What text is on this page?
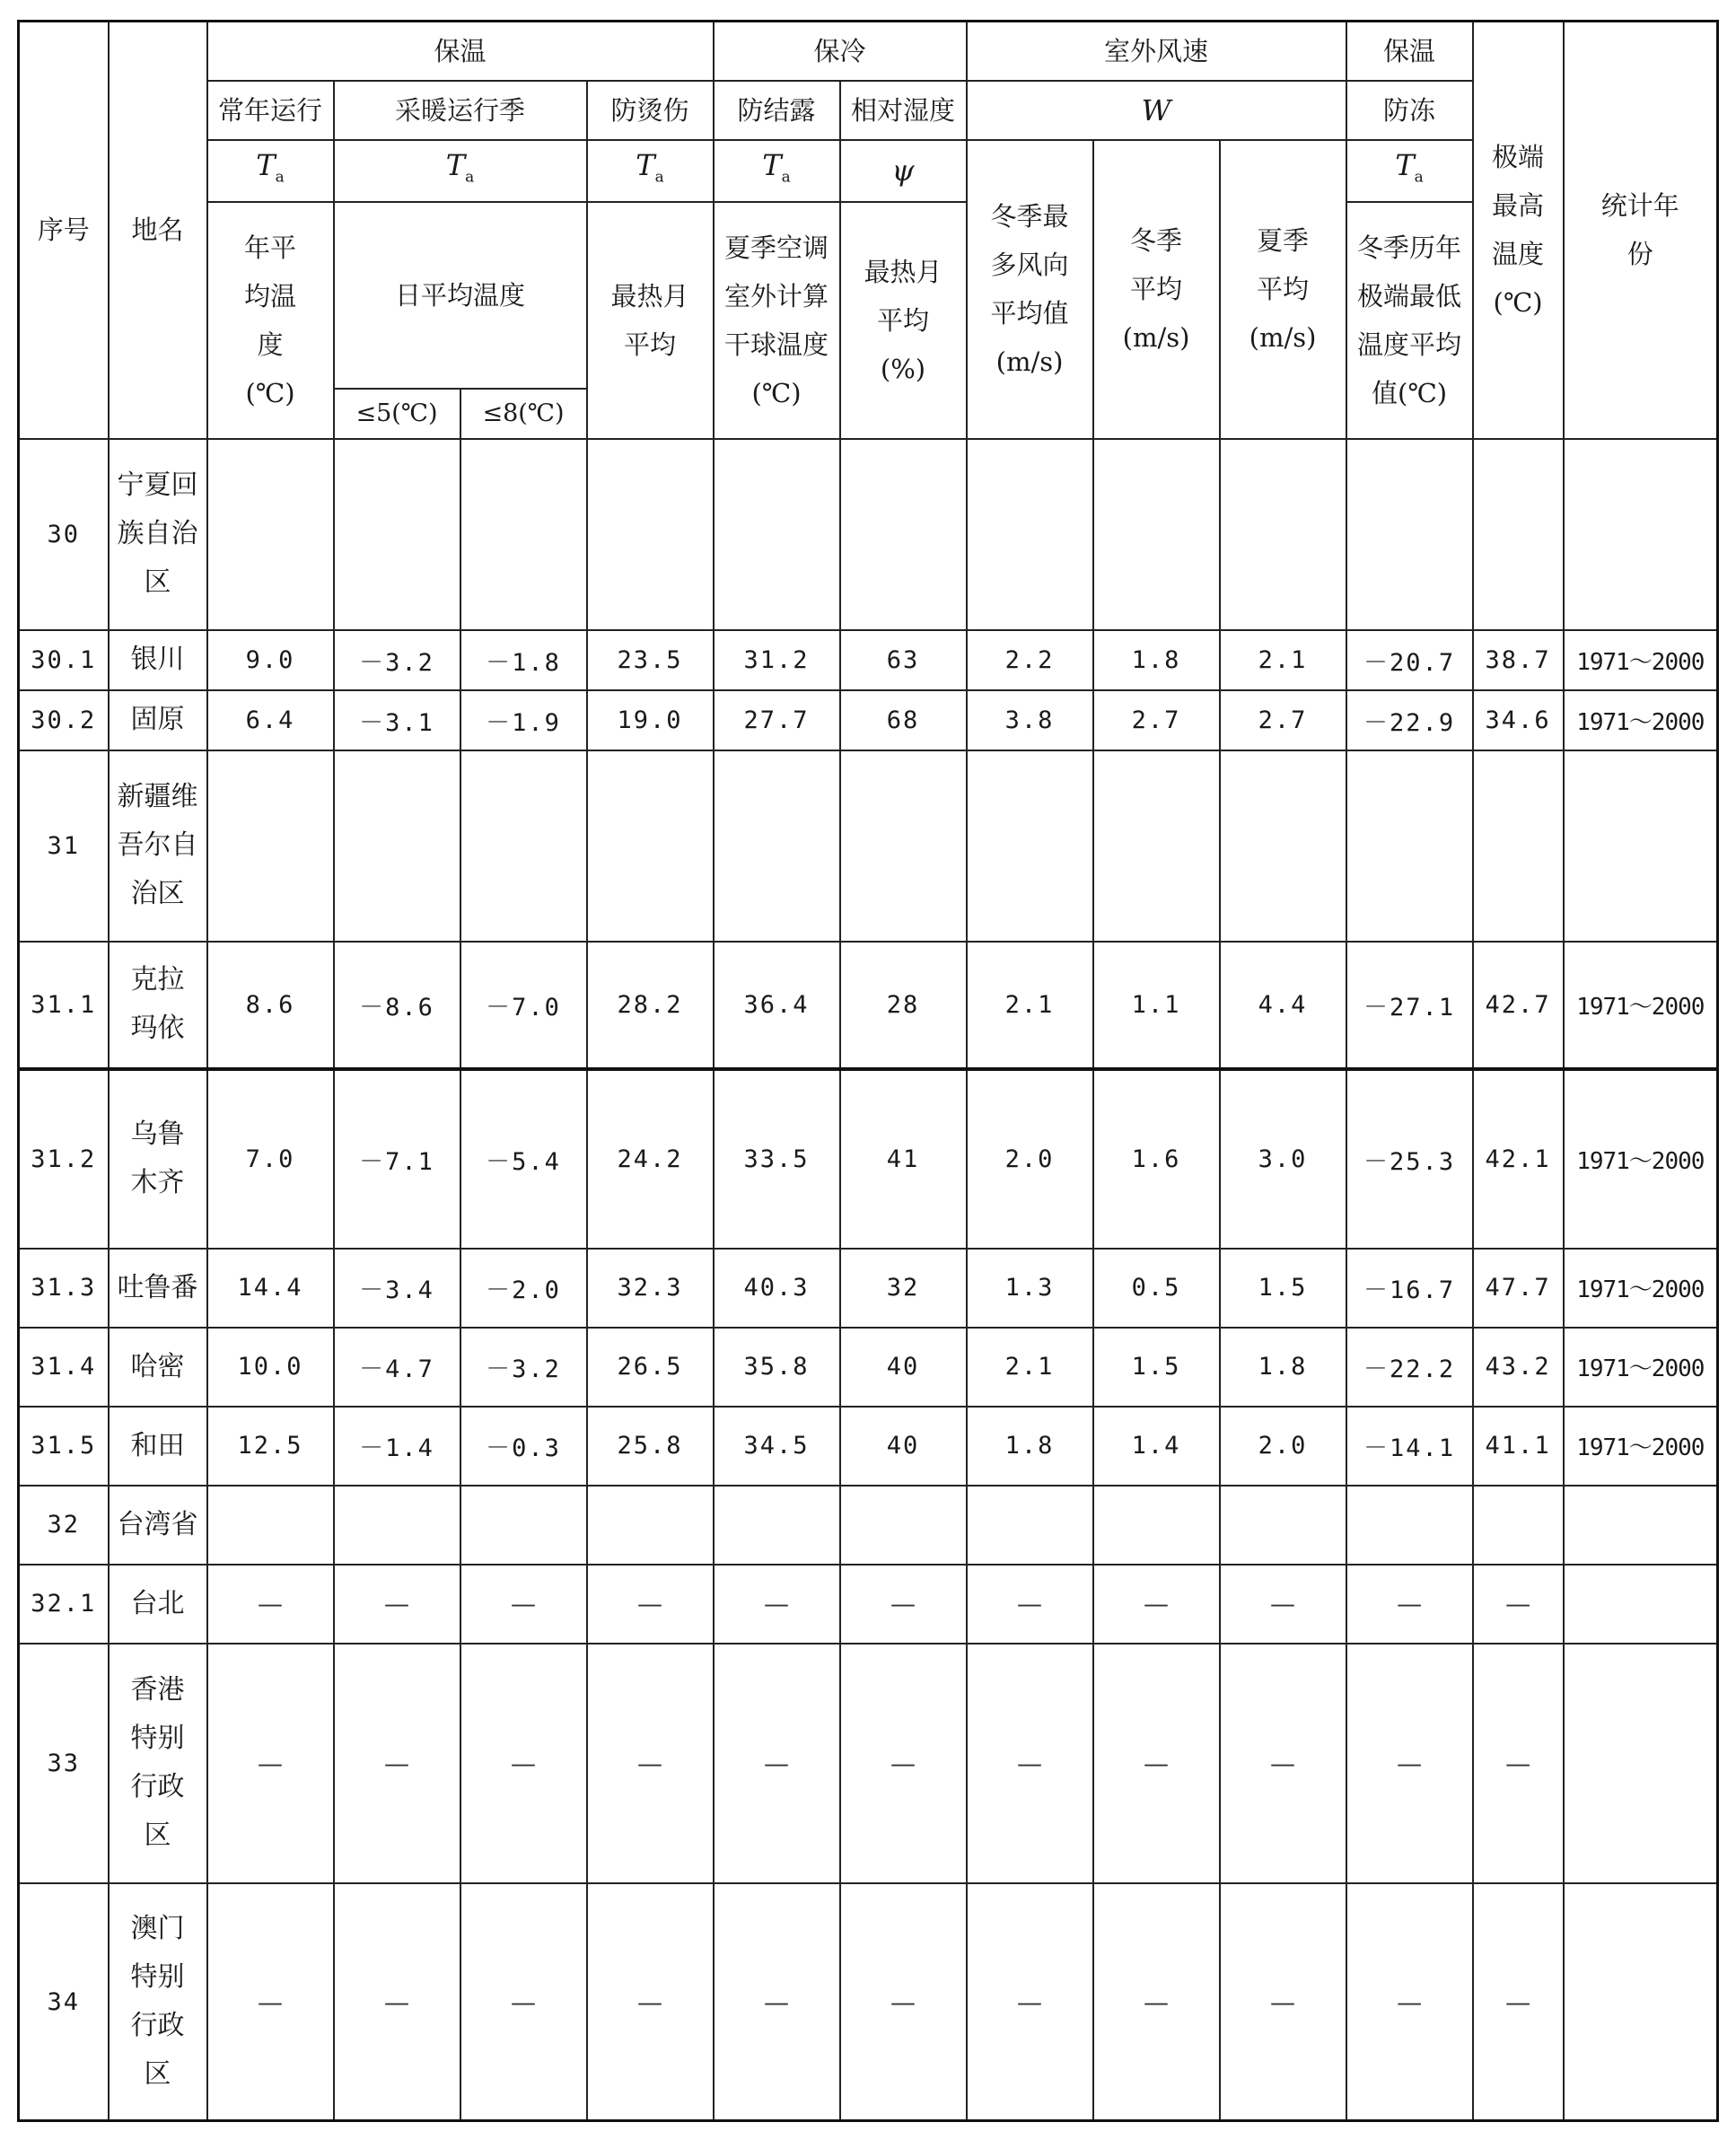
序号	地名	保温				保冷		室外风速			保温	极端最高温度(℃)	统计年份
		常年运行	采暖运行季		防烫伤	防结露	相对湿度	W			防冻		
		$T_a$	$T_a$		$T_a$	$T_a$	ψ	冬季最多风向平均值(m/s)	冬季平均(m/s)	夏季平均(m/s)	$T_a$
		年平均温度(℃)	日平均温度		最热月平均	夏季空调室外计算干球温度(℃)	最热月平均(%)				冬季历年极端最低温度平均值(℃)		

			≤5(℃)	≤8(℃)									
30	宁夏回族自治区												
30.1	银川	9.0	－3.2	－1.8	23.5	31.2	63	2.2	1.8	2.1	－20.7	38.7	1971～2000
30.2	固原	6.4	－3.1	－1.9	19.0	27.7	68	3.8	2.7	2.7	－22.9	34.6	1971～2000
31	新疆维吾尔自治区												
31.1	克拉玛依	8.6	－8.6	－7.0	28.2	36.4	28	2.1	1.1	4.4	－27.1	42.7	1971～2000
31.2	乌鲁木齐	7.0	－7.1	－5.4	24.2	33.5	41	2.0	1.6	3.0	－25.3	42.1	1971～2000
31.3	吐鲁番	14.4	－3.4	－2.0	32.3	40.3	32	1.3	0.5	1.5	－16.7	47.7	1971～2000
31.4	哈密	10.0	－4.7	－3.2	26.5	35.8	40	2.1	1.5	1.8	－22.2	43.2	1971～2000
31.5	和田	12.5	－1.4	－0.3	25.8	34.5	40	1.8	1.4	2.0	－14.1	41.1	1971～2000
32	台湾省												
32.1	台北	—	—	—	—	—	—	—	—	—	—	—	
33	香港特别行政区	—	—	—	—	—	—	—	—	—	—	—	
34	澳门特别行政区	—	—	—	—	—	—	—	—	—	—	—	
